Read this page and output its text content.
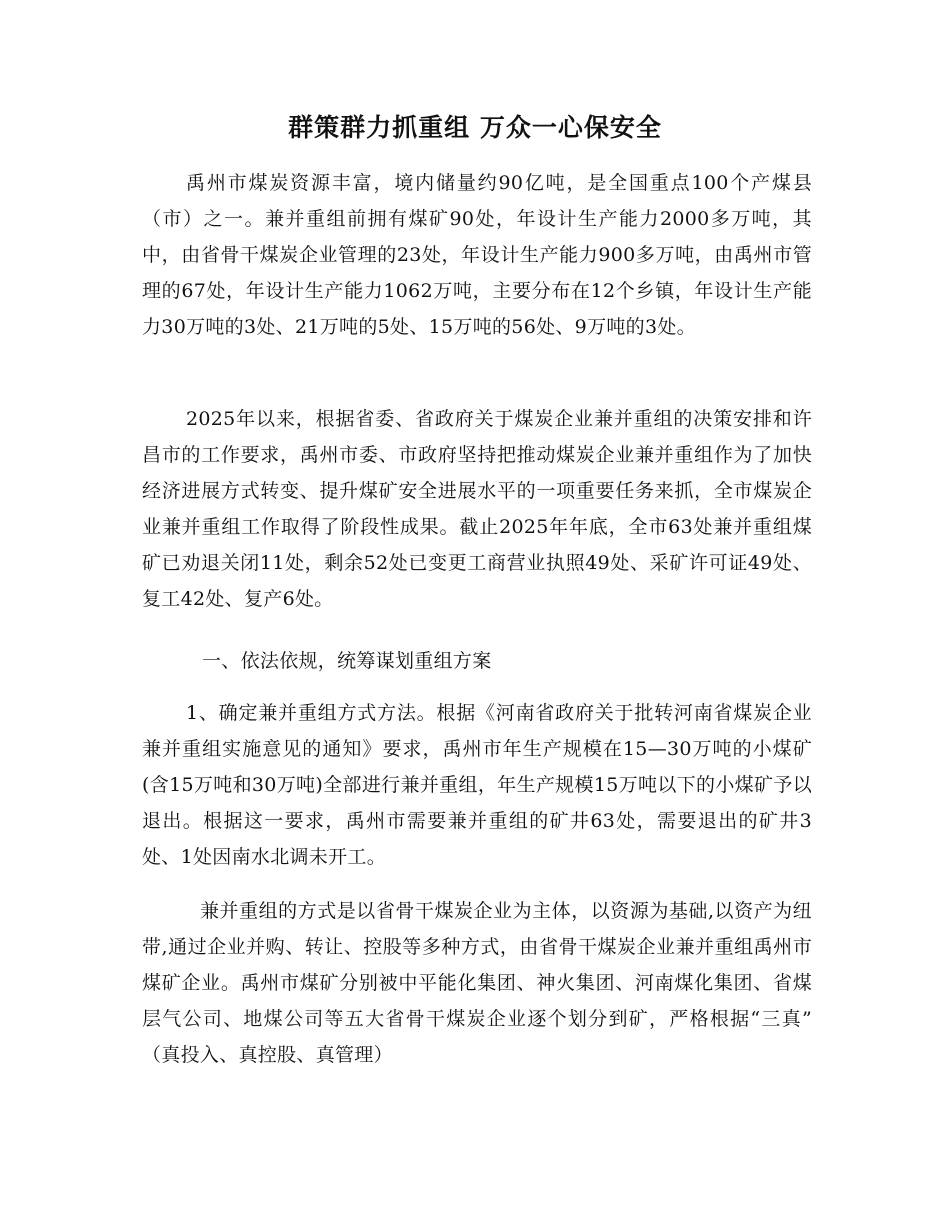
群策群力抓重组 万众一心保安全

禹州市煤炭资源丰富，境内储量约90亿吨，是全国重点100个产煤县（市）之一。兼并重组前拥有煤矿90处，年设计生产能力2000多万吨，其中，由省骨干煤炭企业管理的23处，年设计生产能力900多万吨，由禹州市管理的67处，年设计生产能力1062万吨，主要分布在12个乡镇，年设计生产能力30万吨的3处、21万吨的5处、15万吨的56处、9万吨的3处。

2025年以来，根据省委、省政府关于煤炭企业兼并重组的决策安排和许昌市的工作要求，禹州市委、市政府坚持把推动煤炭企业兼并重组作为了加快经济进展方式转变、提升煤矿安全进展水平的一项重要任务来抓，全市煤炭企业兼并重组工作取得了阶段性成果。截止2025年年底，全市63处兼并重组煤矿已劝退关闭11处，剩余52处已变更工商营业执照49处、采矿许可证49处、复工42处、复产6处。

一、依法依规，统筹谋划重组方案

1、确定兼并重组方式方法。根据《河南省政府关于批转河南省煤炭企业兼并重组实施意见的通知》要求，禹州市年生产规模在15—30万吨的小煤矿(含15万吨和30万吨)全部进行兼并重组，年生产规模15万吨以下的小煤矿予以退出。根据这一要求，禹州市需要兼并重组的矿井63处，需要退出的矿井3处、1处因南水北调未开工。

兼并重组的方式是以省骨干煤炭企业为主体，以资源为基础,以资产为纽带,通过企业并购、转让、控股等多种方式，由省骨干煤炭企业兼并重组禹州市煤矿企业。禹州市煤矿分别被中平能化集团、神火集团、河南煤化集团、省煤层气公司、地煤公司等五大省骨干煤炭企业逐个划分到矿，严格根据“三真” （真投入、真控股、真管理）
